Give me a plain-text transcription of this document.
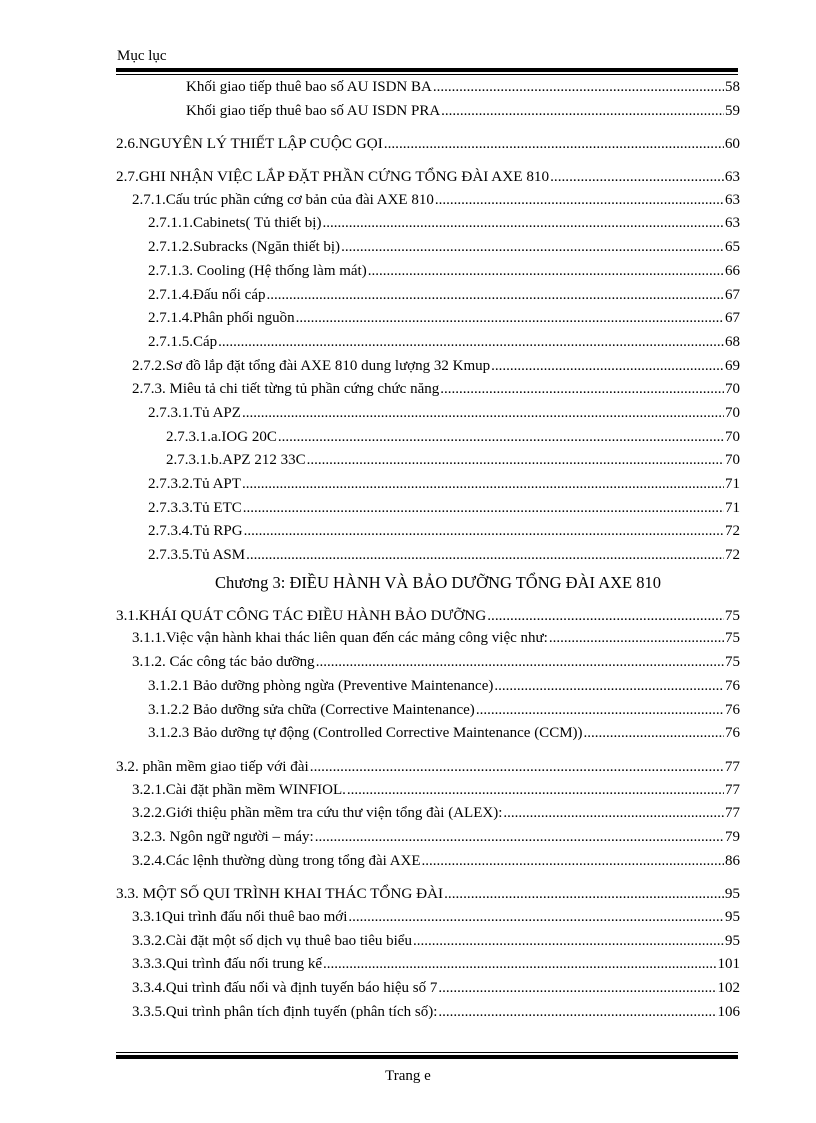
Mục lục
Khối giao tiếp thuê bao số AU ISDN BA .....	58
Khối giao tiếp thuê bao số AU ISDN PRA .....	59
2.6.NGUYÊN LÝ THIẾT LẬP CUỘC GỌI .....	60
2.7.GHI NHẬN VIỆC LẮP ĐẶT PHẦN CỨNG TỔNG ĐÀI AXE 810 .....	63
2.7.1.Cấu trúc phần cứng cơ bản của đài AXE 810 .....	63
2.7.1.1.Cabinets( Tủ thiết bị) .....	63
2.7.1.2.Subracks (Ngăn thiết bị) .....	65
2.7.1.3. Cooling (Hệ thống làm mát) .....	66
2.7.1.4.Đấu nối cáp .....	67
2.7.1.4.Phân phối nguồn .....	67
2.7.1.5.Cáp .....	68
2.7.2.Sơ đồ lắp đặt tổng đài AXE 810 dung lượng 32 Kmup .....	69
2.7.3. Miêu tả chi tiết từng tủ phần cứng chức năng .....	70
2.7.3.1.Tủ APZ .....	70
2.7.3.1.a.IOG 20C .....	70
2.7.3.1.b.APZ 212 33C .....	70
2.7.3.2.Tủ APT .....	71
2.7.3.3.Tủ ETC .....	71
2.7.3.4.Tủ RPG .....	72
2.7.3.5.Tủ ASM .....	72
Chương 3: ĐIỀU HÀNH VÀ BẢO DƯỠNG TỔNG ĐÀI AXE 810
3.1.KHÁI QUÁT CÔNG TÁC ĐIỀU HÀNH BẢO DƯỠNG .....	75
3.1.1.Việc vận hành khai thác liên quan đến các mảng công việc như: .....	75
3.1.2. Các công tác bảo dưỡng .....	75
3.1.2.1 Bảo dưỡng phòng ngừa (Preventive Maintenance) .....	76
3.1.2.2 Bảo dưỡng sửa chữa (Corrective Maintenance) .....	76
3.1.2.3 Bảo dưỡng tự động (Controlled Corrective Maintenance (CCM)) .....	76
3.2. phần mềm giao tiếp với đài .....	77
3.2.1.Cài đặt phần mềm WINFIOL. .....	77
3.2.2.Giới thiệu phần mềm tra cứu thư viện tổng đài (ALEX): .....	77
3.2.3. Ngôn ngữ người – máy: .....	79
3.2.4.Các lệnh thường dùng trong tổng đài AXE .....	86
3.3. MỘT SỐ QUI TRÌNH KHAI THÁC TỔNG ĐÀI .....	95
3.3.1Qui trình đấu nối thuê bao mới .....	95
3.3.2.Cài đặt một số dịch vụ thuê bao tiêu biểu .....	95
3.3.3.Qui trình đấu nối trung kế .....	101
3.3.4.Qui trình đấu nối và định tuyến báo hiệu số 7 .....	102
3.3.5.Qui trình phân tích định tuyến (phân tích số): .....	106
Trang e
